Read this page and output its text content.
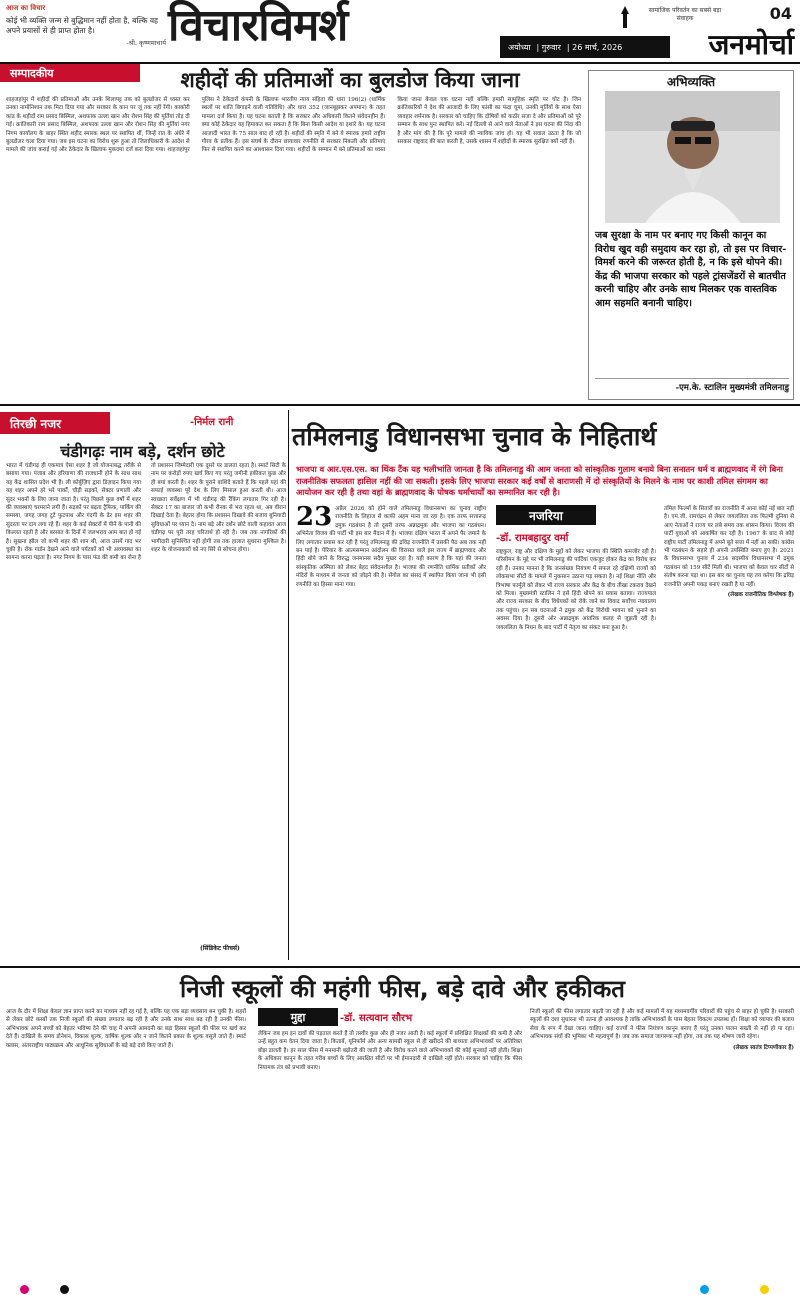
आज का विचार
कोई भी व्यक्ति जन्म से बुद्धिमान नहीं होता है, बल्कि वह अपने प्रयासों से ही प्राप्त होता है।
-श्री. कृष्णमाचार्य विचारविमर्श	सामाजिक परिवर्तन का सबसे बड़ा संवाहक	04
अयोध्या | गुरुवार | 26 मार्च, 2026	जनमोर्चा
सम्पादकीय	शहीदों की प्रतिमाओं का बुलडोज किया जाना
शाहजहांपुर में शहीदों की प्रतिमाओं और उनके शिलापट्ट तक को बुलडोजर से ध्वस्त कर उनका नामोनिशान तक मिटा दिया गया और सरकार के कान पर जूं तक नहीं रेंगी। काकोरी कांड के शहीदों राम प्रसाद बिस्मिल, अशफाक उल्ला खान और रोशन सिंह की मूर्तियां तोड़ दी गईं। क्रांतिकारी राम प्रसाद बिस्मिल, अशफाक उल्ला खान और रोशन सिंह की मूर्तियां नगर निगम कार्यालय के बाहर स्थित शहीद स्मारक स्थल पर स्थापित थीं, जिन्हें रात के अंधेरे में बुलडोजर चला दिया गया। जब इस घटना का विरोध शुरू हुआ तो जिलाधिकारी के आदेश से मामले की जांच कराई गई और ठेकेदार के खिलाफ मुकदमा दर्ज करा दिया गया। शाहजहांपुर पुलिस ने ठेकेदारों कंपनी के खिलाफ भारतीय न्याय संहिता की धारा 196(2) (धार्मिक स्थलों पर शांति बिगाड़ने वाली गतिविधि) और धारा 352 (जानबूझकर अपमान) के तहत मामला दर्ज किया है। यह घटना बताती है कि सरकार और अधिकारी कितने संवेदनहीन हैं। क्या कोई ठेकेदार यह हिमाकत कर सकता है कि बिना किसी आदेश या इशारे के। यह घटना आजादी भारत के 75 साल बाद हो रही है। शहीदों की स्मृति में बने ये स्मारक हमारे राष्ट्रीय गौरव के प्रतीक हैं। इस संघर्ष के दौरान छायावार रणनीति से सरकार निकली और प्रतिमाएं फिर से स्थापित करने का आश्वासन दिया गया। शहीदों के सम्मान में बने प्रतिमाओं का ध्वस्त किया जाना केवल एक घटना नहीं बल्कि हमारी सामूहिक स्मृति पर चोट है। जिन क्रांतिकारियों ने देश की आजादी के लिए फांसी का फंदा चूमा, उनकी मूर्तियों के साथ ऐसा व्यवहार शर्मनाक है। सरकार को चाहिए कि दोषियों को कठोर सजा दे और प्रतिमाओं को पूरे सम्मान के साथ पुनः स्थापित करे। नई दिल्ली से आने वाले नेताओं ने इस घटना की निंदा की है और मांग की है कि पूरे मामले की न्यायिक जांच हो। यह भी सवाल उठता है कि जो सरकार राष्ट्रवाद की बात करती है, उसके शासन में शहीदों के स्मारक सुरक्षित क्यों नहीं हैं।
अभिव्यक्ति
जब सुरक्षा के नाम पर बनाए गए किसी कानून का विरोध खुद वही समुदाय कर रहा हो, तो इस पर विचार-विमर्श करने की जरूरत होती है, न कि इसे थोपने की। केंद्र की भाजपा सरकार को पहले ट्रांसजेंडरों से बातचीत करनी चाहिए और उनके साथ मिलकर एक वास्तविक आम सहमति बनानी चाहिए।
-एम.के. स्टालिन मुख्यमंत्री तमिलनाडु
तिरछी नजर	-निर्मल रानी
चंडीगढ़ः नाम बड़े, दर्शन छोटे
भारत में चंडीगढ़ ही एकमात्र ऐसा शहर है जो योजनाबद्ध तरीके से बसाया गया। पंजाब और हरियाणा की राजधानी होने के साथ साथ यह केंद्र शासित प्रदेश भी है। ली कोर्बुज़िए द्वारा डिज़ाइन किया गया यह शहर अपने हरे भरे पार्कों, चौड़ी सड़कों, सेक्टर प्रणाली और सुंदर भवनों के लिए जाना जाता है। परंतु पिछले कुछ वर्षों में शहर की व्यवस्थाएं चरमराने लगी हैं। सड़कों पर बढ़ता ट्रैफिक, पार्किंग की समस्या, जगह जगह टूटे फुटपाथ और गंदगी के ढेर इस शहर की सुंदरता पर दाग लगा रहे हैं। शहर के कई सेक्टरों में पीने के पानी की किल्लत रहती है और बरसात के दिनों में जलभराव आम बात हो गई है। सुखना झील जो कभी शहर की शान थी, आज उसमें गाद भर चुकी है। रॉक गार्डन देखने आने वाले पर्यटकों को भी अव्यवस्था का सामना करना पड़ता है। नगर निगम के पास फंड की कमी का रोना है तो प्रशासन जिम्मेदारी एक दूसरे पर डालता रहता है। स्मार्ट सिटी के नाम पर करोड़ों रुपए खर्च किए गए परंतु जमीनी हकीकत कुछ और ही बयां करती है। शहर के पुराने बाशिंदे बताते हैं कि पहले यहां की सफाई व्यवस्था पूरे देश के लिए मिसाल हुआ करती थी। आज स्वच्छता सर्वेक्षण में भी चंडीगढ़ की रैंकिंग लगातार गिर रही है। सेक्टर 17 का बाजार जो कभी रौनक से भरा रहता था, अब वीरान दिखाई देता है। बेहतर होगा कि प्रशासन दिखावे की बजाय बुनियादी सुविधाओं पर ध्यान दे। नाम बड़े और दर्शन छोटे वाली कहावत आज चंडीगढ़ पर पूरी तरह चरितार्थ हो रही है। जब तक नागरिकों की भागीदारी सुनिश्चित नहीं होगी तब तक हालात सुधरना मुश्किल है। शहर के योजनाकारों को नए सिरे से सोचना होगा।
(सिंडिकेट फीचर्स)
तमिलनाडु विधानसभा चुनाव के निहितार्थ
भाजपा व आर.एस.एस. का थिंक टैंक यह भलीभांति जानता है कि तमिलनाडु की आम जनता को सांस्कृतिक गुलाम बनाये बिना सनातन धर्म व ब्राह्मणवाद में रंगे बिना राजनीतिक सफलता हासिल नहीं की जा सकती। इसके लिए भाजपा सरकार कई वर्षों से वाराणसी में दो संस्कृतियों के मिलने के नाम पर काशी तमिल संगमम का आयोजन कर रही है तथा वहां के ब्राह्मणवाद के पोषक धर्माचार्यों का सम्मानित कर रही है।
23 अप्रैल 2026 को होने वाले तमिलनाडु विधानसभा का चुनाव राष्ट्रीय राजनीति के लिहाज से काफी अहम माना जा रहा है। एक तरफ सत्तारूढ़ द्रमुक गठबंधन है तो दूसरी तरफ अन्नाद्रमुक और भाजपा का गठबंधन। अभिनेता विजय की पार्टी भी इस बार मैदान में है। भाजपा दक्षिण भारत में अपने पैर जमाने के लिए लगातार प्रयास कर रही है परंतु तमिलनाडु की द्रविड़ राजनीति में उसकी पैठ अब तक नहीं बन पाई है। पेरियार के आत्मसम्मान आंदोलन की विरासत वाले इस राज्य में ब्राह्मणवाद और हिंदी थोपे जाने के विरुद्ध जनमानस सदैव मुखर रहा है। यही कारण है कि यहां की जनता सांस्कृतिक अस्मिता को लेकर बेहद संवेदनशील है। भाजपा की रणनीति धार्मिक प्रतीकों और मंदिरों के माध्यम से जनता को जोड़ने की है। सेंगोल का संसद में स्थापित किया जाना भी इसी रणनीति का हिस्सा माना गया।
नजरिया
-डॉ. रामबहादुर वर्मा
राष्ट्रकुल, राष्ट्र और दक्षिण के मुद्दों को लेकर भाजपा की स्थिति कमजोर रही है। परिसीमन के मुद्दे पर भी तमिलनाडु की पार्टियां एकजुट होकर केंद्र का विरोध कर रही हैं। उनका मानना है कि जनसंख्या नियंत्रण में सफल रहे दक्षिणी राज्यों को लोकसभा सीटों के मामले में नुकसान उठाना पड़ सकता है। नई शिक्षा नीति और त्रिभाषा फार्मूले को लेकर भी राज्य सरकार और केंद्र के बीच तीखा टकराव देखने को मिला। मुख्यमंत्री स्टालिन ने इसे हिंदी थोपने का प्रयास बताया। राज्यपाल और राज्य सरकार के बीच विधेयकों को रोके जाने का विवाद सर्वोच्च न्यायालय तक पहुंचा। इन सब घटनाओं ने द्रमुक को केंद्र विरोधी भावना को भुनाने का अवसर दिया है। दूसरी ओर अन्नाद्रमुक आंतरिक कलह से जूझती रही है। जयललिता के निधन के बाद पार्टी में नेतृत्व का संकट बना हुआ है।
तमिल फिल्मों के सितारों का राजनीति में आना कोई नई बात नहीं है। एम.जी. रामचंद्रन से लेकर जयललिता तक फिल्मी दुनिया से आए नेताओं ने राज्य पर लंबे समय तक शासन किया। विजय की पार्टी युवाओं को आकर्षित कर रही है। 1967 के बाद से कोई राष्ट्रीय पार्टी तमिलनाडु में अपने बूते सत्ता में नहीं आ सकी। कांग्रेस भी गठबंधन के सहारे ही अपनी उपस्थिति बनाए हुए है। 2021 के विधानसभा चुनाव में 234 सदस्यीय विधानसभा में द्रमुक गठबंधन को 159 सीटें मिली थीं। भाजपा को केवल चार सीटों से संतोष करना पड़ा था। इस बार का चुनाव यह तय करेगा कि द्रविड़ राजनीति अपनी पकड़ बनाए रखती है या नहीं।
(लेखक राजनीतिक विश्लेषक हैं)
निजी स्कूलों की महंगी फीस, बड़े दावे और हकीकत
आज के दौर में शिक्षा केवल ज्ञान प्राप्त करने का माध्यम नहीं रह गई है, बल्कि यह एक बड़ा व्यवसाय बन चुकी है। शहरों से लेकर छोटे कस्बों तक निजी स्कूलों की संख्या लगातार बढ़ रही है और उनके साथ साथ बढ़ रही है उनकी फीस। अभिभावक अपने बच्चों को बेहतर भविष्य देने की चाह में अपनी आमदनी का बड़ा हिस्सा स्कूलों की फीस पर खर्च कर देते हैं। दाखिले के समय डोनेशन, विकास शुल्क, वार्षिक शुल्क और न जाने कितने प्रकार के शुल्क वसूले जाते हैं। स्मार्ट क्लास, अंतरराष्ट्रीय पाठ्यक्रम और आधुनिक सुविधाओं के बड़े बड़े दावे किए जाते हैं।
मुद्दा	-डॉ. सत्यवान सौरभ
लेकिन जब हम इन दावों की पड़ताल करते हैं तो तस्वीर कुछ और ही नजर आती है। कई स्कूलों में प्रशिक्षित शिक्षकों की कमी है और उन्हें बहुत कम वेतन दिया जाता है। किताबें, यूनिफॉर्म और अन्य सामग्री स्कूल से ही खरीदने की बाध्यता अभिभावकों पर अतिरिक्त बोझ डालती है। हर साल फीस में मनमानी बढ़ोतरी की जाती है और विरोध करने वाले अभिभावकों की कोई सुनवाई नहीं होती। शिक्षा के अधिकार कानून के तहत गरीब बच्चों के लिए आरक्षित सीटों पर भी ईमानदारी से दाखिले नहीं होते। सरकार को चाहिए कि फीस नियामक तंत्र को प्रभावी बनाए।
निजी स्कूलों की फीस लगातार बढ़ती जा रही है और कई मामलों में यह मध्यमवर्गीय परिवारों की पहुंच से बाहर हो चुकी है। सरकारी स्कूलों की दशा सुधारना भी उतना ही आवश्यक है ताकि अभिभावकों के पास बेहतर विकल्प उपलब्ध हों। शिक्षा को व्यापार की बजाय सेवा के रूप में देखा जाना चाहिए। कई राज्यों ने फीस नियंत्रण कानून बनाए हैं परंतु उनका पालन सख्ती से नहीं हो पा रहा। अभिभावक संघों की भूमिका भी महत्वपूर्ण है। जब तक समाज जागरूक नहीं होगा, तब तक यह शोषण जारी रहेगा।
(लेखक स्वतंत्र टिप्पणीकार हैं)
